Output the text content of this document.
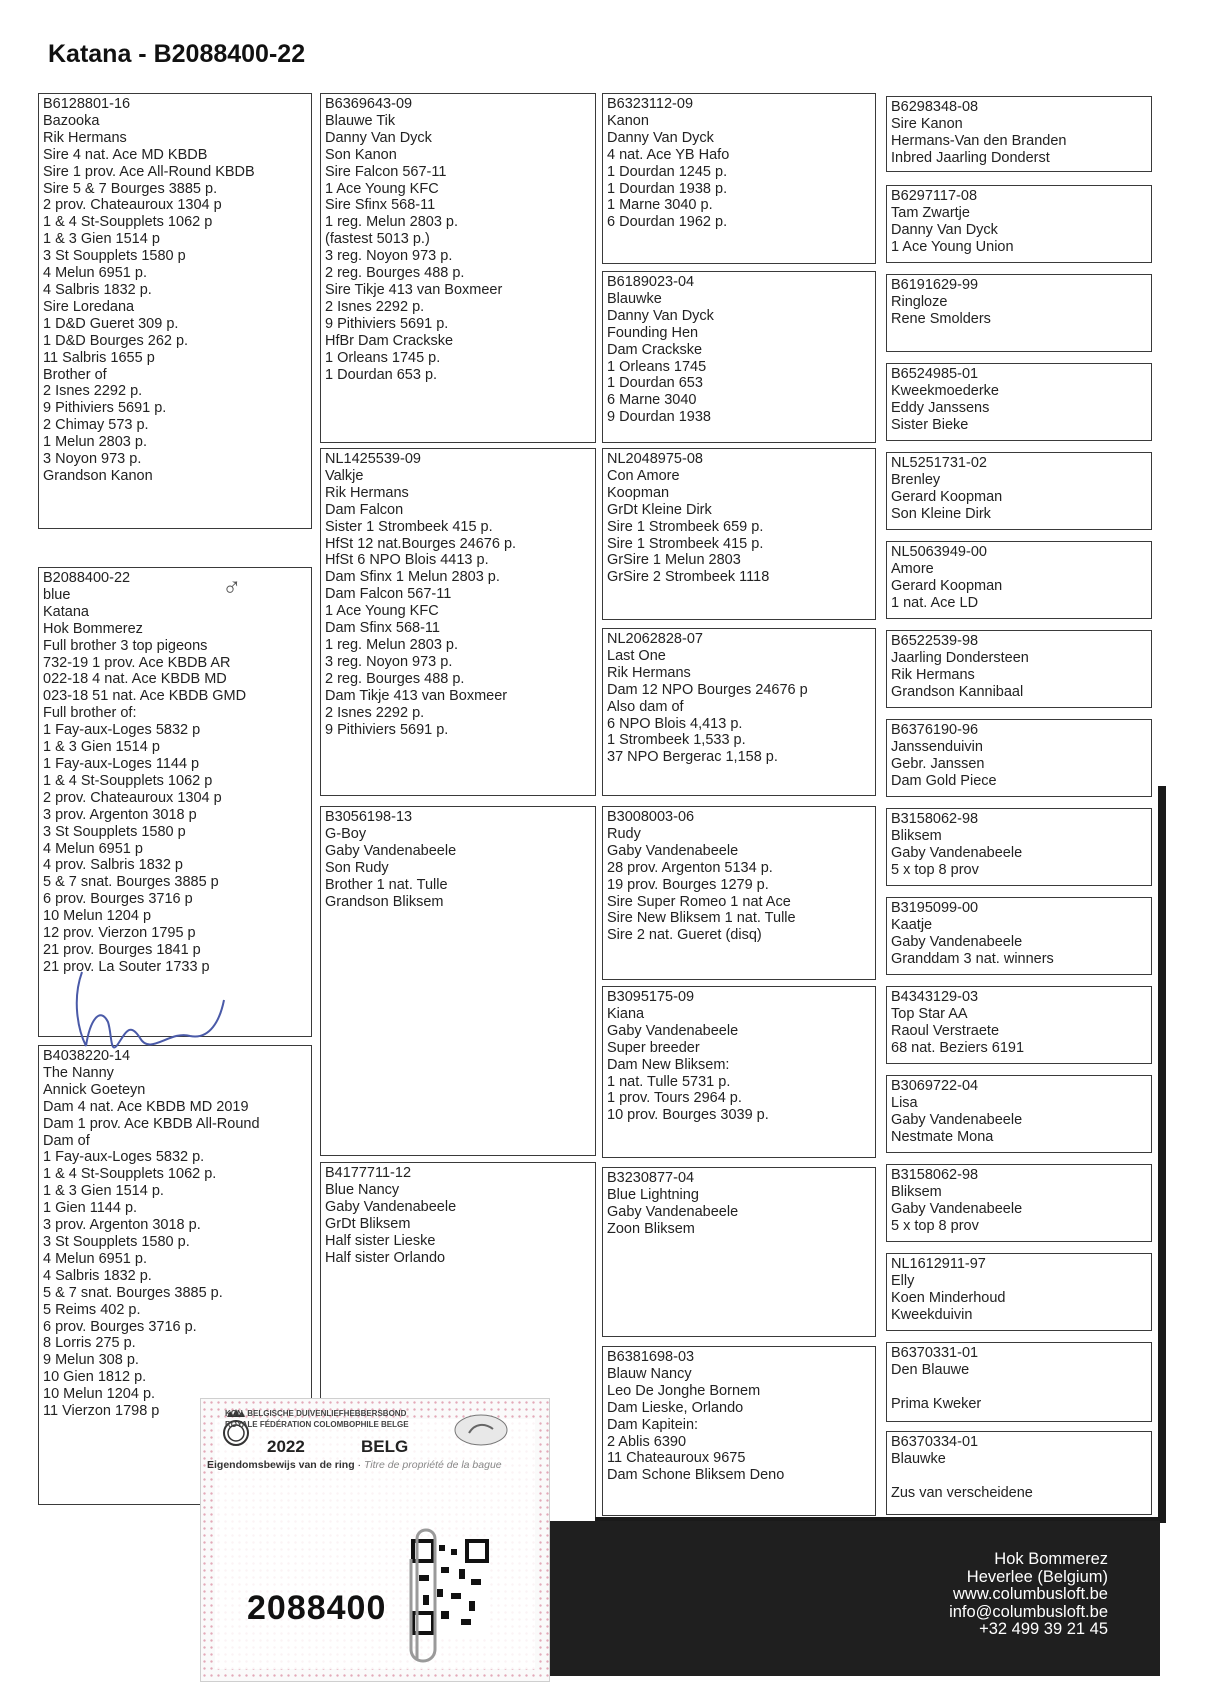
Katana - B2088400-22
B2088400-22
blue
Katana
Hok Bommerez
Full brother 3 top pigeons
732-19 1 prov. Ace KBDB AR
022-18 4 nat. Ace KBDB MD
023-18 51 nat. Ace KBDB GMD
Full brother of:
1 Fay-aux-Loges 5832 p
1 & 3 Gien 1514 p
1 Fay-aux-Loges 1144 p
1 & 4 St-Soupplets 1062 p
2 prov. Chateauroux 1304 p
3 prov. Argenton 3018 p
3 St Soupplets 1580 p
4 Melun 6951 p
4 prov. Salbris 1832 p
5 & 7 snat. Bourges 3885 p
6 prov. Bourges 3716 p
10 Melun 1204 p
12 prov. Vierzon 1795 p
21 prov. Bourges 1841 p
21 prov. La Souter 1733 p
♂
B6128801-16
Bazooka
Rik Hermans
Sire 4 nat. Ace MD KBDB
Sire 1 prov. Ace All-Round KBDB
Sire 5 & 7 Bourges 3885 p.
2 prov. Chateauroux 1304 p
1 & 4 St-Soupplets 1062 p
1 & 3 Gien 1514 p
3 St Soupplets 1580 p
4 Melun 6951 p.
4 Salbris 1832 p.
Sire Loredana
1 D&D Gueret 309 p.
1 D&D Bourges 262 p.
11 Salbris 1655 p
Brother of
2 Isnes 2292 p.
9 Pithiviers 5691 p.
2 Chimay 573 p.
1 Melun 2803 p.
3 Noyon 973 p.
Grandson Kanon
B4038220-14
The Nanny
Annick Goeteyn
Dam 4 nat. Ace KBDB MD 2019
Dam 1 prov. Ace KBDB All-Round
Dam of
1 Fay-aux-Loges 5832 p.
1 & 4 St-Soupplets 1062 p.
1 & 3 Gien 1514 p.
1 Gien 1144 p.
3 prov. Argenton 3018 p.
3 St Soupplets 1580 p.
4 Melun 6951 p.
4 Salbris 1832 p.
5 & 7 snat. Bourges 3885 p.
5 Reims 402 p.
6 prov. Bourges 3716 p.
8 Lorris 275 p.
9 Melun 308 p.
10 Gien 1812 p.
10 Melun 1204 p.
11 Vierzon 1798 p
B6369643-09
Blauwe Tik
Danny Van Dyck
Son Kanon
Sire Falcon 567-11
1 Ace Young KFC
Sire Sfinx 568-11
1 reg. Melun 2803 p.
(fastest 5013 p.)
3 reg. Noyon 973 p.
2 reg. Bourges 488 p.
Sire Tikje 413 van Boxmeer
2 Isnes 2292 p.
9 Pithiviers 5691 p.
HfBr Dam Crackske
1 Orleans 1745 p.
1 Dourdan 653 p.
NL1425539-09
Valkje
Rik Hermans
Dam Falcon
Sister 1 Strombeek 415 p.
HfSt 12 nat.Bourges 24676 p.
HfSt 6 NPO Blois 4413 p.
Dam Sfinx 1 Melun 2803 p.
Dam Falcon 567-11
1 Ace Young KFC
Dam Sfinx 568-11
1 reg. Melun 2803 p.
3 reg. Noyon 973 p.
2 reg. Bourges 488 p.
Dam Tikje 413 van Boxmeer
2 Isnes 2292 p.
9 Pithiviers 5691 p.
B3056198-13
G-Boy
Gaby Vandenabeele
Son Rudy
Brother 1 nat. Tulle
Grandson Bliksem
B4177711-12
Blue Nancy
Gaby Vandenabeele
GrDt Bliksem
Half sister Lieske
Half sister Orlando
B6323112-09
Kanon
Danny Van Dyck
4 nat. Ace YB Hafo
1 Dourdan 1245 p.
1 Dourdan 1938 p.
1 Marne 3040 p.
6 Dourdan 1962 p.
B6189023-04
Blauwke
Danny Van Dyck
Founding Hen
Dam Crackske
1 Orleans 1745
1 Dourdan 653
6 Marne 3040
9 Dourdan 1938
NL2048975-08
Con Amore
Koopman
GrDt Kleine Dirk
Sire 1 Strombeek 659 p.
Sire 1 Strombeek 415 p.
GrSire 1 Melun 2803
GrSire 2 Strombeek 1118
NL2062828-07
Last One
Rik Hermans
Dam 12 NPO Bourges 24676 p
Also dam of
6 NPO Blois 4,413 p.
1 Strombeek 1,533 p.
37 NPO Bergerac 1,158 p.
B3008003-06
Rudy
Gaby Vandenabeele
28 prov. Argenton 5134 p.
19 prov. Bourges 1279 p.
Sire Super Romeo 1 nat Ace
Sire New Bliksem 1 nat. Tulle
Sire 2 nat. Gueret (disq)
B3095175-09
Kiana
Gaby Vandenabeele
Super breeder
Dam New Bliksem:
1 nat. Tulle 5731 p.
1 prov. Tours 2964 p.
10 prov. Bourges 3039 p.
B3230877-04
Blue Lightning
Gaby Vandenabeele
Zoon Bliksem
B6381698-03
Blauw Nancy
Leo De Jonghe Bornem
Dam Lieske, Orlando
Dam Kapitein:
2 Ablis 6390
11 Chateauroux 9675
Dam Schone Bliksem Deno
B6298348-08
Sire Kanon
Hermans-Van den Branden
Inbred Jaarling Donderst
B6297117-08
Tam Zwartje
Danny Van Dyck
1 Ace Young Union
B6191629-99
Ringloze
Rene Smolders
B6524985-01
Kweekmoederke
Eddy Janssens
Sister Bieke
NL5251731-02
Brenley
Gerard Koopman
Son Kleine Dirk
NL5063949-00
Amore
Gerard Koopman
1 nat. Ace LD
B6522539-98
Jaarling Dondersteen
Rik Hermans
Grandson Kannibaal
B6376190-96
Janssenduivin
Gebr. Janssen
Dam Gold Piece
B3158062-98
Bliksem
Gaby Vandenabeele
5 x top 8 prov
B3195099-00
Kaatje
Gaby Vandenabeele
Granddam 3 nat. winners
B4343129-03
Top Star AA
Raoul Verstraete
68 nat. Beziers 6191
B3069722-04
Lisa
Gaby Vandenabeele
Nestmate Mona
B3158062-98
Bliksem
Gaby Vandenabeele
5 x top 8 prov
NL1612911-97
Elly
Koen Minderhoud
Kweekduivin
B6370331-01
Den Blauwe

Prima Kweker
B6370334-01
Blauwke

Zus van verscheidene
Hok Bommerez
Heverlee (Belgium)
www.columbusloft.be
info@columbusloft.be
+32 499 39 21 45
KON. BELGISCHE DUIVENLIEFHEBBERSBOND
ROYALE FÉDÉRATION COLOMBOPHILE BELGE
2022	BELG
Eigendomsbewijs van de ring · Titre de propriété de la bague
2088400
